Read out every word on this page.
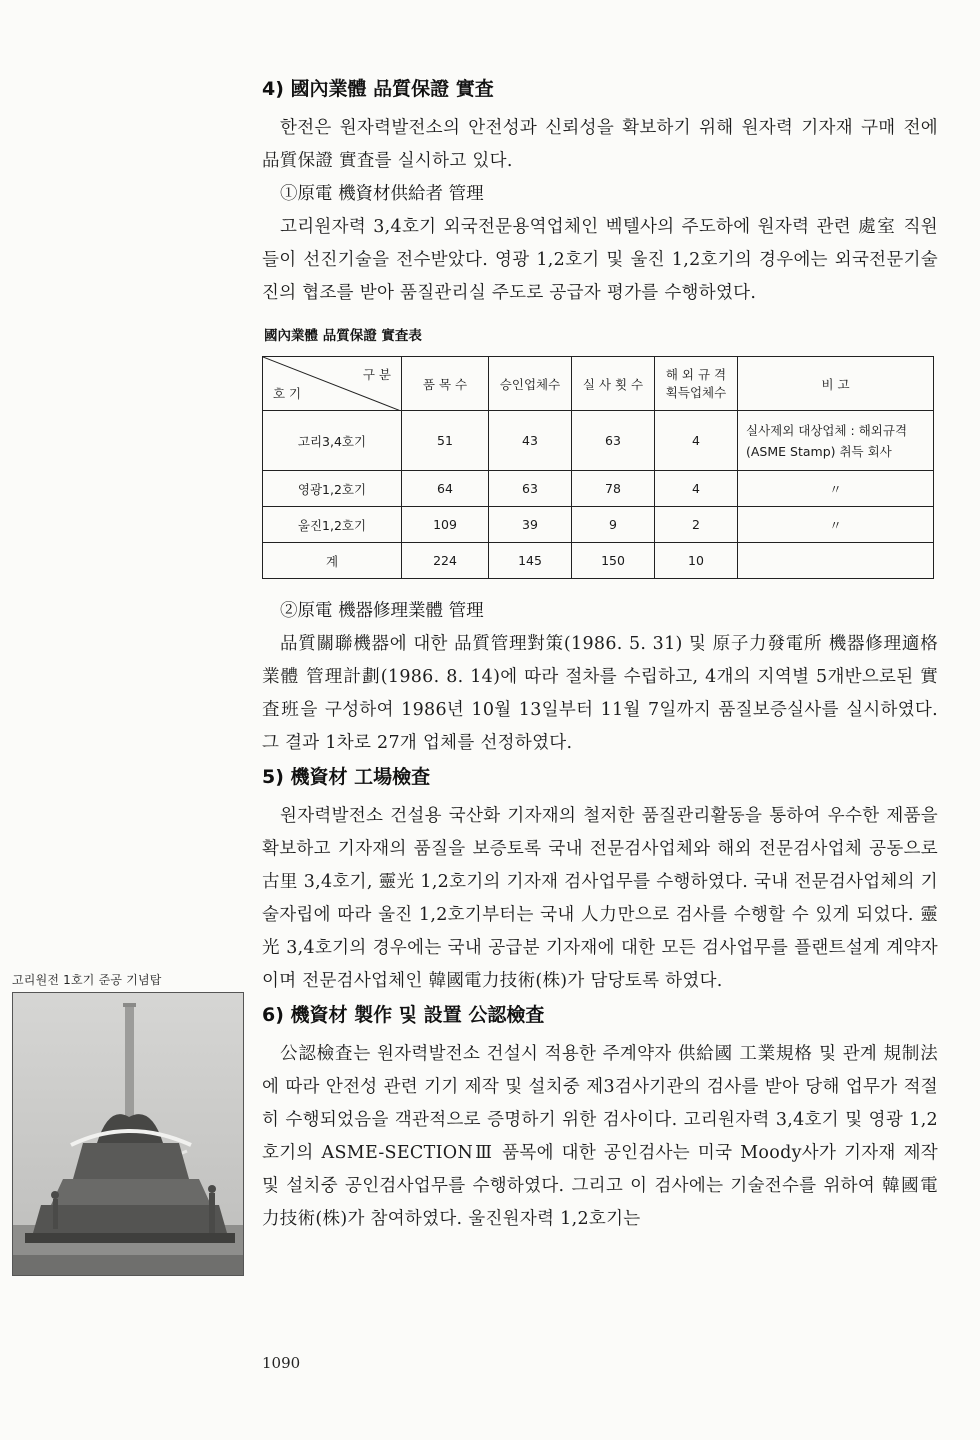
4) 國內業體 品質保證 實査

한전은 원자력발전소의 안전성과 신뢰성을 확보하기 위해 원자력 기자재 구매 전에 品質保證 實査를 실시하고 있다.

①原電 機資材供給者 管理

고리원자력 3,4호기 외국전문용역업체인 벡텔사의 주도하에 원자력 관련 處室 직원들이 선진기술을 전수받았다. 영광 1,2호기 및 울진 1,2호기의 경우에는 외국전문기술진의 협조를 받아 품질관리실 주도로 공급자 평가를 수행하였다.

國內業體 品質保證 實査表
구 분
호 기	품 목 수	승인업체수	실 사 횟 수	해 외 규 격 획득업체수	비 고
고리3,4호기	51	43	63	4	실사제외 대상업체 : 해외규격 (ASME Stamp) 취득 회사
영광1,2호기	64	63	78	4	〃
울진1,2호기	109	39	9	2	〃
계	224	145	150	10	
②原電 機器修理業體 管理

品質關聯機器에 대한 品質管理對策(1986. 5. 31) 및 原子力發電所 機器修理適格業體 管理計劃(1986. 8. 14)에 따라 절차를 수립하고, 4개의 지역별 5개반으로된 實査班을 구성하여 1986년 10월 13일부터 11월 7일까지 품질보증실사를 실시하였다. 그 결과 1차로 27개 업체를 선정하였다.

5) 機資材 工場檢査

원자력발전소 건설용 국산화 기자재의 철저한 품질관리활동을 통하여 우수한 제품을 확보하고 기자재의 품질을 보증토록 국내 전문검사업체와 해외 전문검사업체 공동으로 古里 3,4호기, 靈光 1,2호기의 기자재 검사업무를 수행하였다. 국내 전문검사업체의 기술자립에 따라 울진 1,2호기부터는 국내 人力만으로 검사를 수행할 수 있게 되었다. 靈光 3,4호기의 경우에는 국내 공급분 기자재에 대한 모든 검사업무를 플랜트설계 계약자이며 전문검사업체인 韓國電力技術(株)가 담당토록 하였다.

6) 機資材 製作 및 設置 公認檢査

公認檢査는 원자력발전소 건설시 적용한 주계약자 供給國 工業規格 및 관계 規制法에 따라 안전성 관련 기기 제작 및 설치중 제3검사기관의 검사를 받아 당해 업무가 적절히 수행되었음을 객관적으로 증명하기 위한 검사이다. 고리원자력 3,4호기 및 영광 1,2호기의 ASME-SECTIONⅢ 품목에 대한 공인검사는 미국 Moody사가 기자재 제작 및 설치중 공인검사업무를 수행하였다. 그리고 이 검사에는 기술전수를 위하여 韓國電力技術(株)가 참여하였다. 울진원자력 1,2호기는

고리원전 1호기 준공 기념탑
1090
